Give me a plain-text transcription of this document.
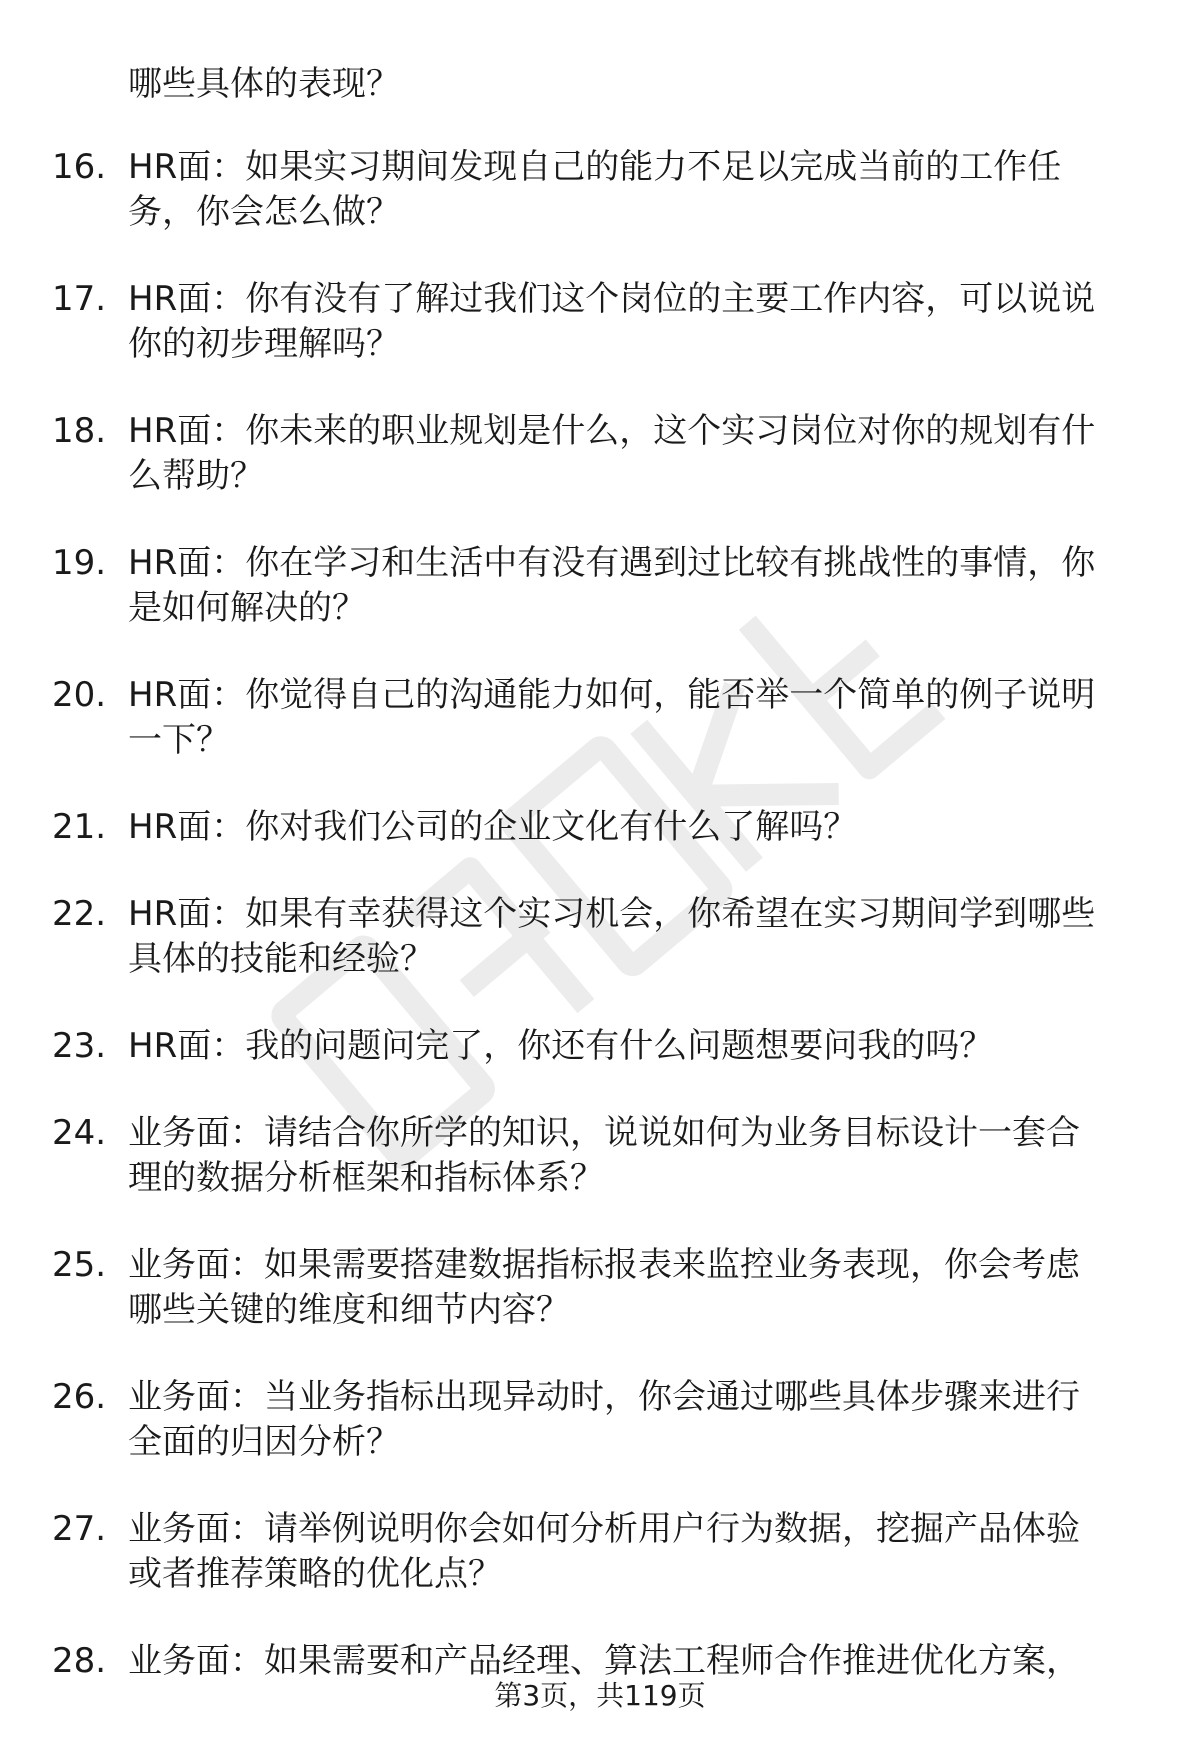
哪些具体的表现？

16. HR面：如果实习期间发现自己的能力不足以完成当前的工作任
务，你会怎么做？
17. HR面：你有没有了解过我们这个岗位的主要工作内容，可以说说
你的初步理解吗？
18. HR面：你未来的职业规划是什么，这个实习岗位对你的规划有什
么帮助？
19. HR面：你在学习和生活中有没有遇到过比较有挑战性的事情，你
是如何解决的？
20. HR面：你觉得自己的沟通能力如何，能否举一个简单的例子说明
一下？
21. HR面：你对我们公司的企业文化有什么了解吗？
22. HR面：如果有幸获得这个实习机会，你希望在实习期间学到哪些
具体的技能和经验？
23. HR面：我的问题问完了，你还有什么问题想要问我的吗？
24. 业务面：请结合你所学的知识，说说如何为业务目标设计一套合
理的数据分析框架和指标体系？
25. 业务面：如果需要搭建数据指标报表来监控业务表现，你会考虑
哪些关键的维度和细节内容？
26. 业务面：当业务指标出现异动时，你会通过哪些具体步骤来进行
全面的归因分析？
27. 业务面：请举例说明你会如何分析用户行为数据，挖掘产品体验
或者推荐策略的优化点？
28. 业务面：如果需要和产品经理、算法工程师合作推进优化方案，
第3页，共119页
